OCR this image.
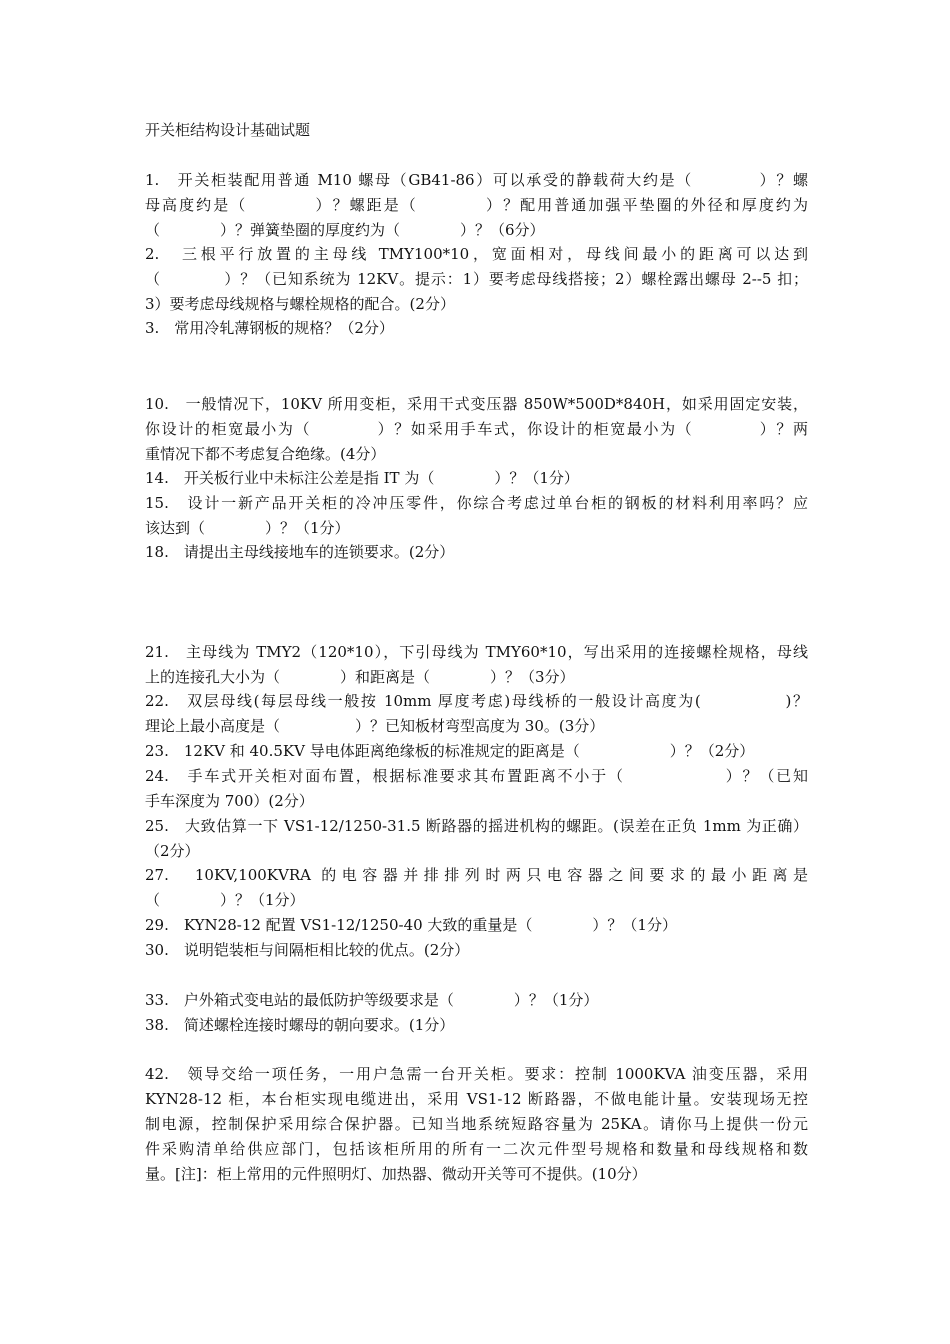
开关柜结构设计基础试题
1.　开关柜装配用普通 M10 螺母（GB41-86）可以承受的静载荷大约是（　　　　）？螺
母高度约是（　　　　）？螺距是（　　　　）？配用普通加强平垫圈的外径和厚度约为
（　　　　）？弹簧垫圈的厚度约为（　　　　）？（6分）
2.　三根平行放置的主母线 TMY100*10，宽面相对，母线间最小的距离可以达到
（　　　　）？（已知系统为 12KV。提示：1）要考虑母线搭接；2）螺栓露出螺母 2--5 扣；
3）要考虑母线规格与螺栓规格的配合。(2分）
3.　常用冷轧薄钢板的规格？（2分）
10.　一般情况下，10KV 所用变柜，采用干式变压器 850W*500D*840H，如采用固定安装，
你设计的柜宽最小为（　　　　）？如采用手车式，你设计的柜宽最小为（　　　　）？两
重情况下都不考虑复合绝缘。(4分）
14.　开关板行业中未标注公差是指 IT 为（　　　　）？（1分）
15.　设计一新产品开关柜的冷冲压零件，你综合考虑过单台柜的钢板的材料利用率吗？应
该达到（　　　　）？（1分）
18.　请提出主母线接地车的连锁要求。(2分）
21.　主母线为 TMY2（120*10），下引母线为 TMY60*10，写出采用的连接螺栓规格，母线
上的连接孔大小为（　　　　）和距离是（　　　　）？（3分）
22.　双层母线(每层母线一般按 10mm 厚度考虑)母线桥的一般设计高度为(　　　　　)？
理论上最小高度是（　　　　　）？已知板材弯型高度为 30。(3分）
23.　12KV 和 40.5KV 导电体距离绝缘板的标准规定的距离是（　　　　　　）？（2分）
24.　手车式开关柜对面布置，根据标准要求其布置距离不小于（　　　　　　）？（已知
手车深度为 700）(2分）
25.　大致估算一下 VS1-12/1250-31.5 断路器的摇进机构的螺距。(误差在正负 1mm 为正确）
（2分）
27.　10KV,100KVRA 的电容器并排排列时两只电容器之间要求的最小距离是
（　　　　）？（1分）
29.　KYN28-12 配置 VS1-12/1250-40 大致的重量是（　　　　）？（1分）
30.　说明铠装柜与间隔柜相比较的优点。(2分）
33.　户外箱式变电站的最低防护等级要求是（　　　　）？（1分）
38.　简述螺栓连接时螺母的朝向要求。(1分）
42.　领导交给一项任务，一用户急需一台开关柜。要求：控制 1000KVA 油变压器，采用
KYN28-12 柜，本台柜实现电缆进出，采用 VS1-12 断路器，不做电能计量。安装现场无控
制电源，控制保护采用综合保护器。已知当地系统短路容量为 25KA。请你马上提供一份元
件采购清单给供应部门，包括该柜所用的所有一二次元件型号规格和数量和母线规格和数
量。[注]：柜上常用的元件照明灯、加热器、微动开关等可不提供。(10分）
